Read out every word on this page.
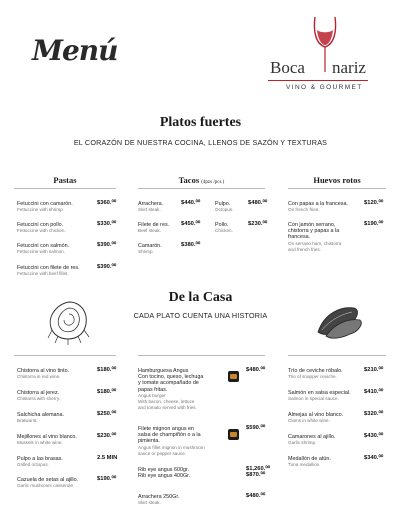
Menú
Boca nariz
VINO & GOURMET
Platos fuertes
EL CORAZÓN DE NUESTRA COCINA, LLENOS DE SAZÓN Y TEXTURAS
Pastas	Tacos (4pzs /pcs.)	Huevos rotos
De la Casa
CADA PLATO CUENTA UNA HISTORIA
Fetuccini con camarón.
Fettuccine with shrimp
$360.⁰⁰
Fetuccini con pollo.
Fettuccine with chicken.
$330.⁰⁰
Fetuccini con salmón.
Fettuccine with salmon.
$390.⁰⁰
Fetuccini con filete de res.
Fettuccine with beef fillet.
$390.⁰⁰
Arrachera.
Skirt steak.
$440.⁰⁰
Filete de res.
Beef steak.
$450.⁰⁰
Camarón.
Shrimp.
$380.⁰⁰
Pulpo.
Octopus.
$480.⁰⁰
Pollo.
Chicken.
$230.⁰⁰
Con papas a la francesa.
On french fries.
$120.⁰⁰
Con jamón serrano,
chistorra y papas a la
francesa.
On serrano ham, chistorra
and french fries.
$190.⁰⁰
Chistorra al vino tinto.
Chistorra in red wine.
$180.⁰⁰
Chistorra al jerez.
Chistorra with sherry.
$180.⁰⁰
Salchicha alemana.
Bratwurst.
$250.⁰⁰
Mejillones al vino blanco.
Mussels in white wine.
$230.⁰⁰
Pulpo a las brasas.
Grilled octopus.
2.5 MIN
Cazuela de setas al ajillo.
Garlic mushroom casserole.
$190.⁰⁰
Hamburguesa Angus
Con tocino, queso, lechuga
y tomate acompañado de
papas fritas.
Angus burger
With bacon, cheese, lettuce
and tomato served with fries.
$480.⁰⁰
Filete mignon angus en
salsa de champiñón o a la
pimienta.
Angus fillet mignon in mushroom
sauce or pepper sauce.
$590.⁰⁰
Rib eye angus 600gr.
Rib eye angus 400Gr.
$1,260.⁰⁰
$870.⁰⁰
Arrachera 250Gr.
Skirt steak.
$480.⁰⁰
Trío de ceviche róbalo.
Trio of snapper ceviche.
$210.⁰⁰
Salmón en salsa especial.
Salmon in special sauce.
$410.⁰⁰
Almejas al vino blanco.
Clams in white wine.
$320.⁰⁰
Camarones al ajillo.
Garlic shrimp.
$430.⁰⁰
Medallón de atún.
Tuna medallion.
$340.⁰⁰
